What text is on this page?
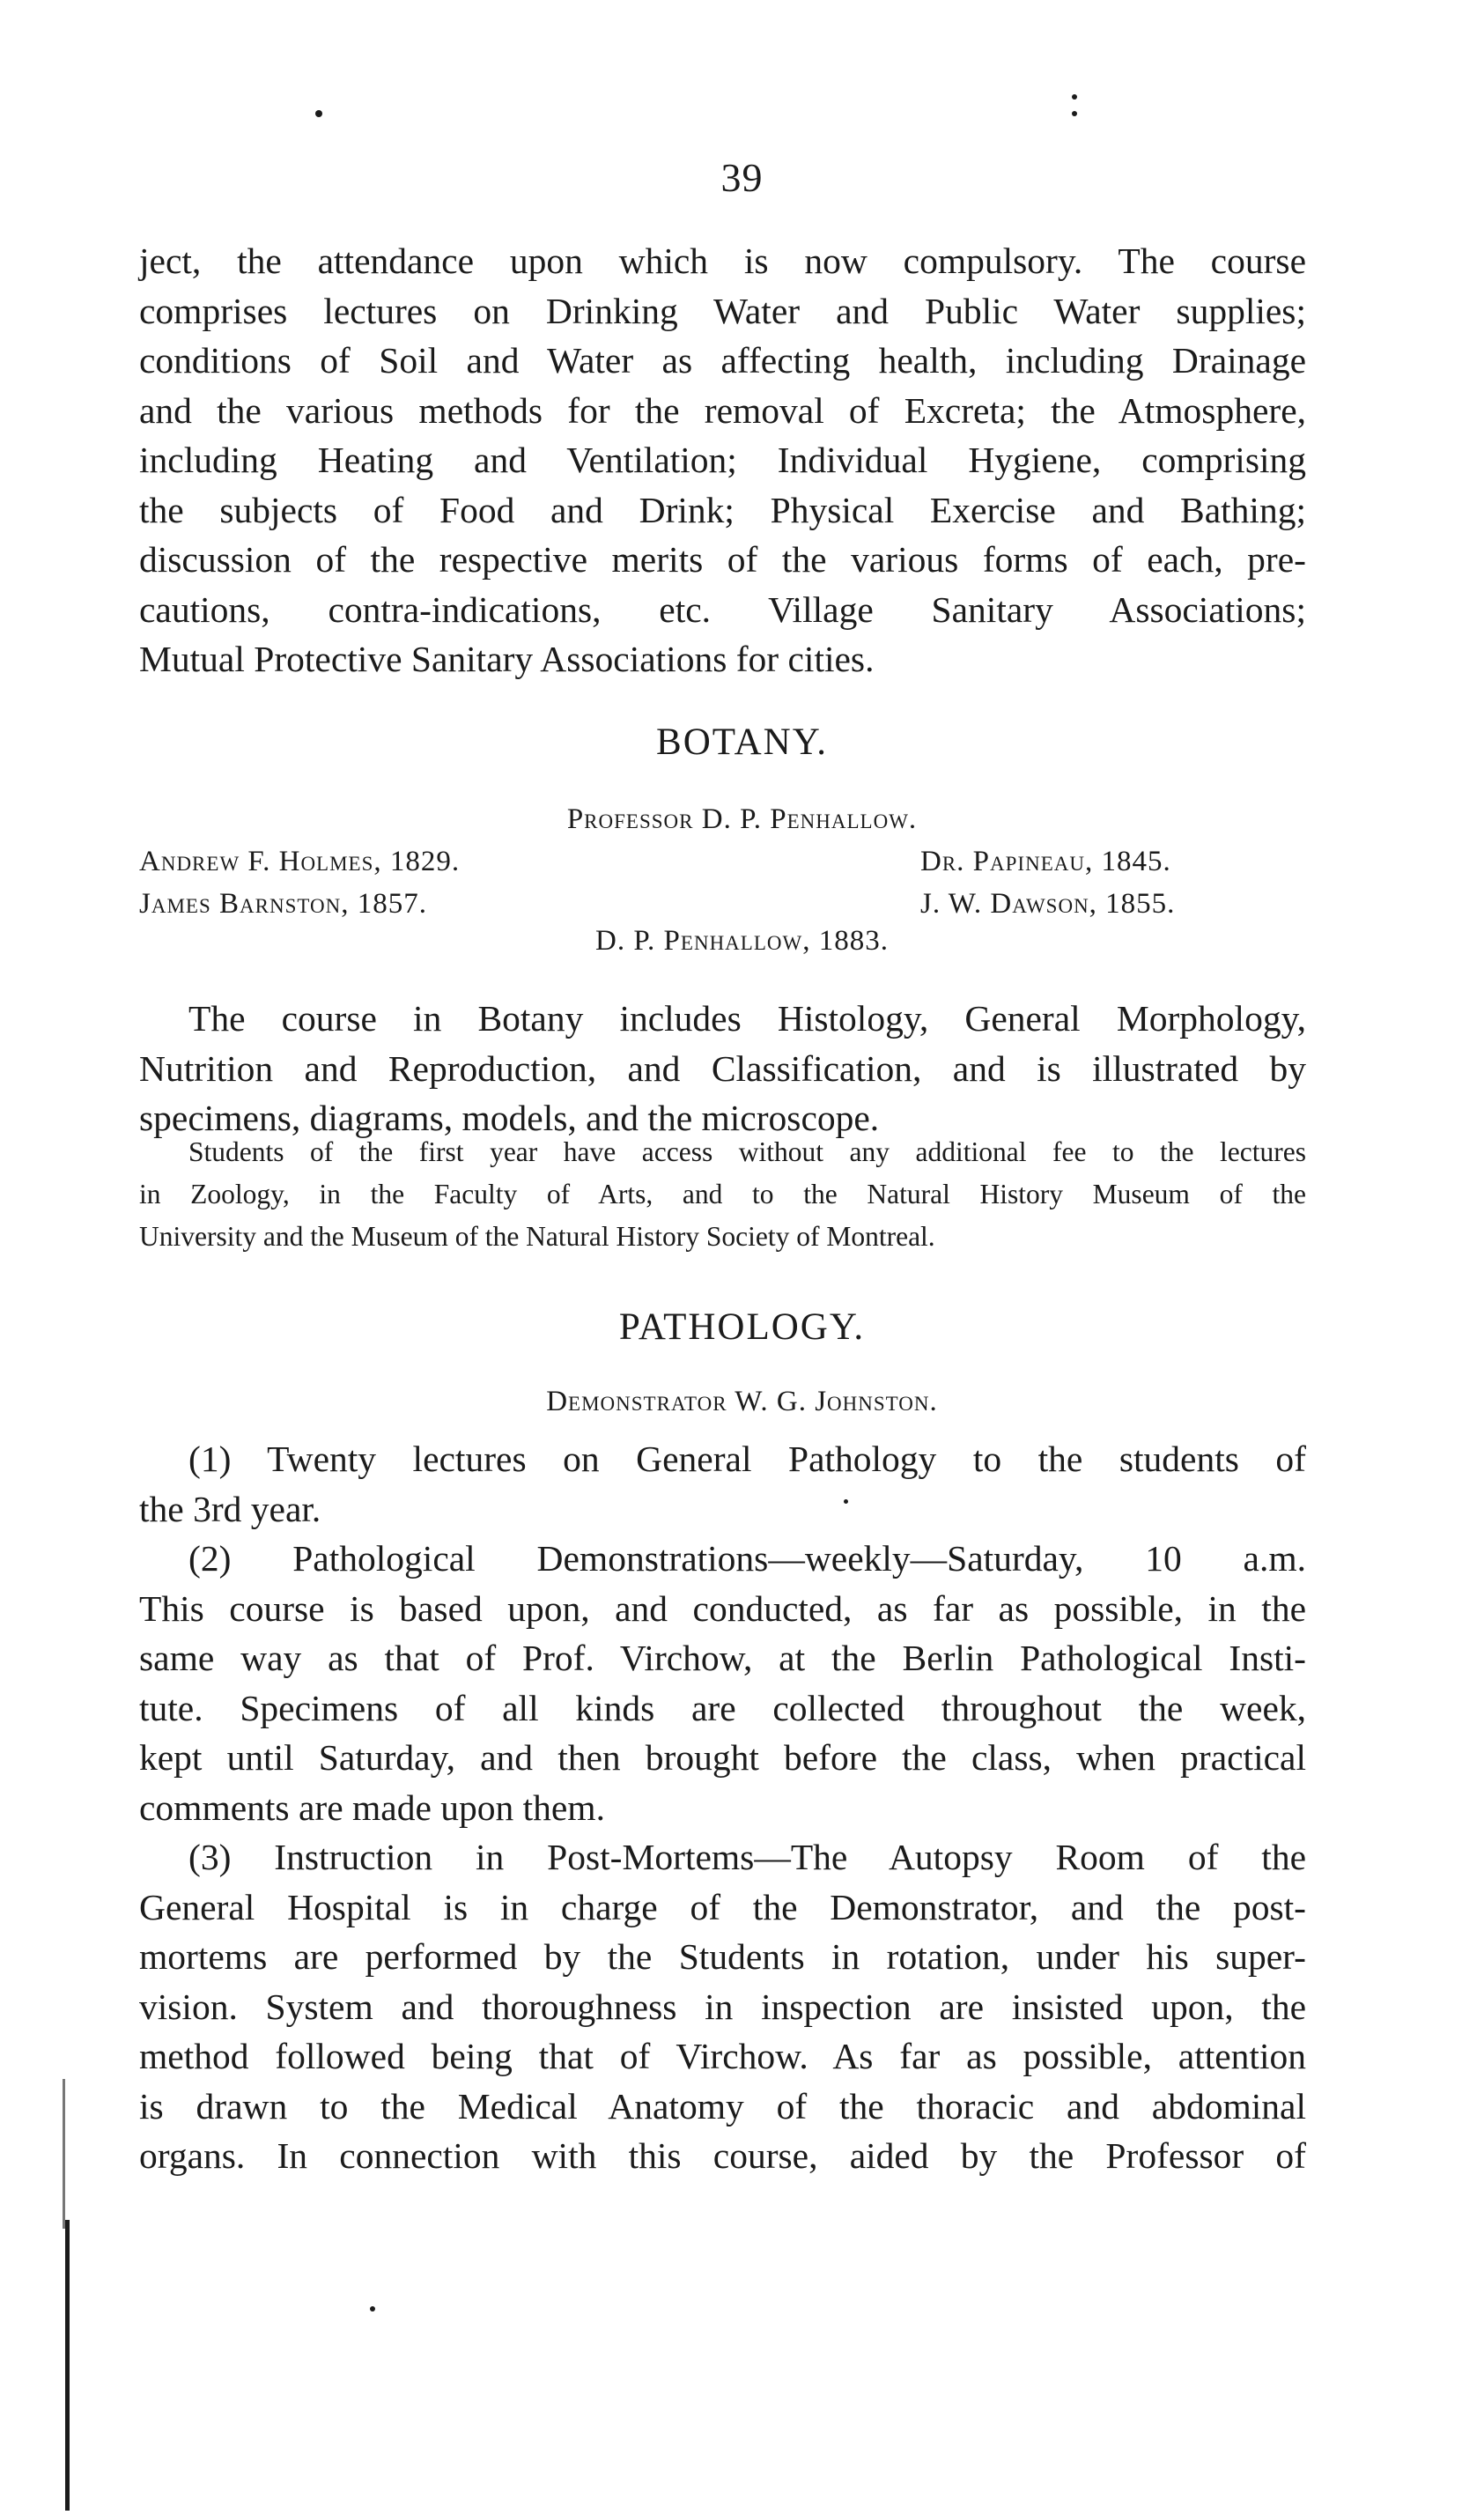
39
ject, the attendance upon which is now compulsory. The course
comprises lectures on Drinking Water and Public Water supplies;
conditions of Soil and Water as affecting health, including Drainage
and the various methods for the removal of Excreta; the Atmosphere,
including Heating and Ventilation; Individual Hygiene, comprising
the subjects of Food and Drink; Physical Exercise and Bathing;
discussion of the respective merits of the various forms of each, pre-
cautions, contra-indications, etc. Village Sanitary Associations;
Mutual Protective Sanitary Associations for cities.
BOTANY.
Professor D. P. Penhallow.
Andrew F. Holmes, 1829.	Dr. Papineau, 1845.
James Barnston, 1857.	J. W. Dawson, 1855.
D. P. Penhallow, 1883.
The course in Botany includes Histology, General Morphology,
Nutrition and Reproduction, and Classification, and is illustrated by
specimens, diagrams, models, and the microscope.
Students of the first year have access without any additional fee to the lectures
in Zoology, in the Faculty of Arts, and to the Natural History Museum of the
University and the Museum of the Natural History Society of Montreal.
PATHOLOGY.
Demonstrator W. G. Johnston.
(1) Twenty lectures on General Pathology to the students of
the 3rd year.
(2) Pathological Demonstrations—weekly—Saturday, 10 a.m.
This course is based upon, and conducted, as far as possible, in the
same way as that of Prof. Virchow, at the Berlin Pathological Insti-
tute. Specimens of all kinds are collected throughout the week,
kept until Saturday, and then brought before the class, when practical
comments are made upon them.
(3) Instruction in Post-Mortems—The Autopsy Room of the
General Hospital is in charge of the Demonstrator, and the post-
mortems are performed by the Students in rotation, under his super-
vision. System and thoroughness in inspection are insisted upon, the
method followed being that of Virchow. As far as possible, attention
is drawn to the Medical Anatomy of the thoracic and abdominal
organs. In connection with this course, aided by the Professor of
